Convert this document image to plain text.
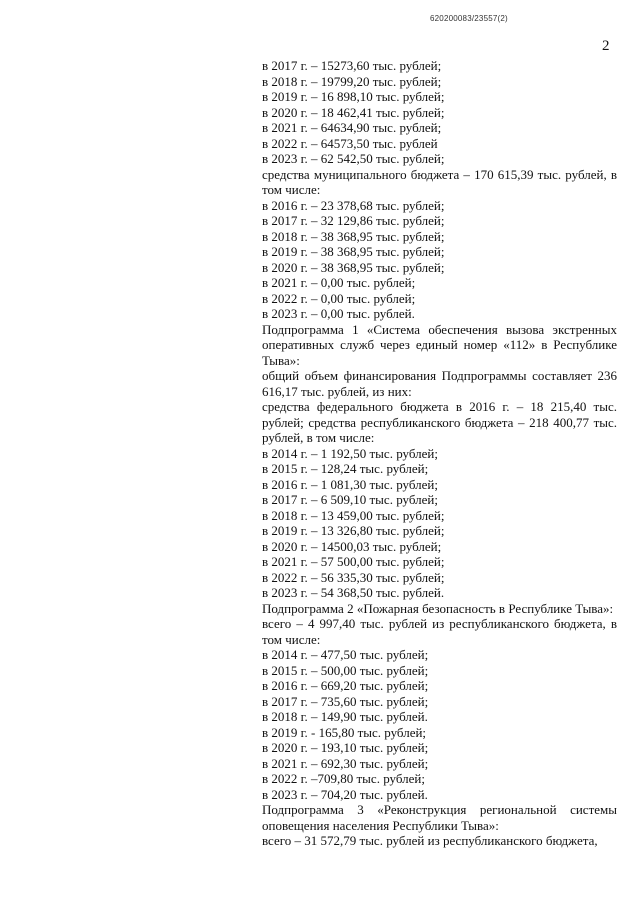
620200083/23557(2)
2

в 2017 г. – 15273,60 тыс. рублей;

в 2018 г. – 19799,20 тыс. рублей;

в 2019 г. – 16 898,10 тыс. рублей;

в 2020 г. – 18 462,41 тыс. рублей;

в 2021 г. – 64634,90 тыс. рублей;

в 2022 г. – 64573,50 тыс. рублей

в 2023 г. – 62 542,50 тыс. рублей;

средства муниципального бюджета – 170 615,39 тыс. рублей, в том числе:

в 2016 г. – 23 378,68 тыс. рублей;

в 2017 г. – 32 129,86 тыс. рублей;

в 2018 г. – 38 368,95 тыс. рублей;

в 2019 г. – 38 368,95 тыс. рублей;

в 2020 г. – 38 368,95 тыс. рублей;

в 2021 г. – 0,00 тыс. рублей;

в 2022 г. – 0,00 тыс. рублей;

в 2023 г. – 0,00 тыс. рублей.

Подпрограмма 1 «Система обеспечения вызова экстренных оперативных служб через единый номер «112» в Республике Тыва»:

общий объем финансирования Подпрограммы составляет 236 616,17 тыс. рублей, из них:

средства федерального бюджета в 2016 г. – 18 215,40 тыс. рублей; средства республиканского бюджета – 218 400,77 тыс. рублей, в том числе:

в 2014 г. – 1 192,50 тыс. рублей;

в 2015 г. – 128,24 тыс. рублей;

в 2016 г. – 1 081,30 тыс. рублей;

в 2017 г. – 6 509,10 тыс. рублей;

в 2018 г. – 13 459,00 тыс. рублей;

в 2019 г. – 13 326,80 тыс. рублей;

в 2020 г. – 14500,03 тыс. рублей;

в 2021 г. – 57 500,00 тыс. рублей;

в 2022 г. – 56 335,30 тыс. рублей;

в 2023 г. – 54 368,50 тыс. рублей.

Подпрограмма 2 «Пожарная безопасность в Республике Тыва»:

всего – 4 997,40 тыс. рублей из республиканского бюджета, в том числе:

в 2014 г. – 477,50 тыс. рублей;

в 2015 г. – 500,00 тыс. рублей;

в 2016 г. – 669,20 тыс. рублей;

в 2017 г. – 735,60 тыс. рублей;

в 2018 г. – 149,90 тыс. рублей.

в 2019 г. - 165,80 тыс. рублей;

в 2020 г. – 193,10 тыс. рублей;

в 2021 г. – 692,30 тыс. рублей;

в 2022 г. –709,80 тыс. рублей;

в 2023 г. – 704,20 тыс. рублей.

Подпрограмма 3 «Реконструкция региональной системы оповещения населения Республики Тыва»:

всего – 31 572,79 тыс. рублей из республиканского бюджета,
